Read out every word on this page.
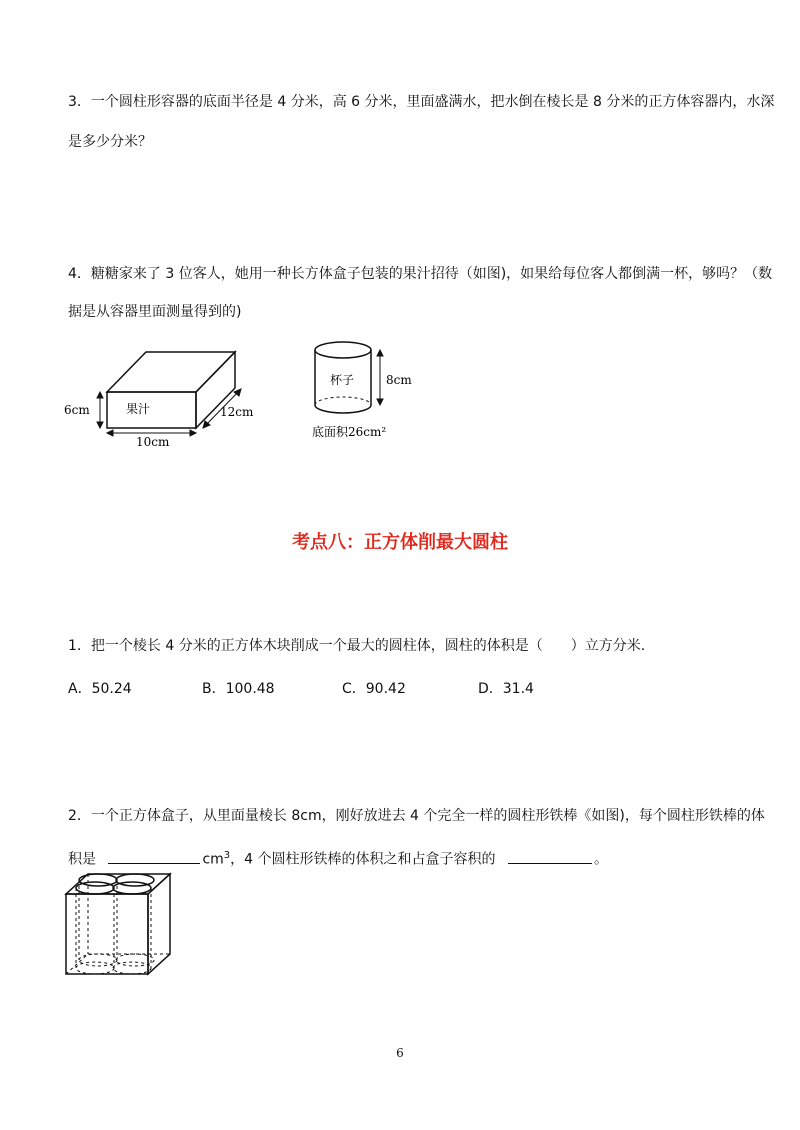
3．一个圆柱形容器的底面半径是 4 分米，高 6 分米，里面盛满水，把水倒在棱长是 8 分米的正方体容器内，水深
是多少分米？
4．糖糖家来了 3 位客人，她用一种长方体盒子包装的果汁招待（如图)，如果给每位客人都倒满一杯，够吗？（数
据是从容器里面测量得到的)
果汁
6cm
10cm
12cm
杯子	8cm
底面积26cm²
考点八：正方体削最大圆柱
1．把一个棱长 4 分米的正方体木块削成一个最大的圆柱体，圆柱的体积是（　　）立方分米.
A．50.24	B．100.48	C．90.42	D．31.4
2．一个正方体盒子，从里面量棱长 8cm，刚好放进去 4 个完全一样的圆柱形铁棒《如图)，每个圆柱形铁棒的体
积是	$cm^3$，4 个圆柱形铁棒的体积之和占盒子容积的	。
6
